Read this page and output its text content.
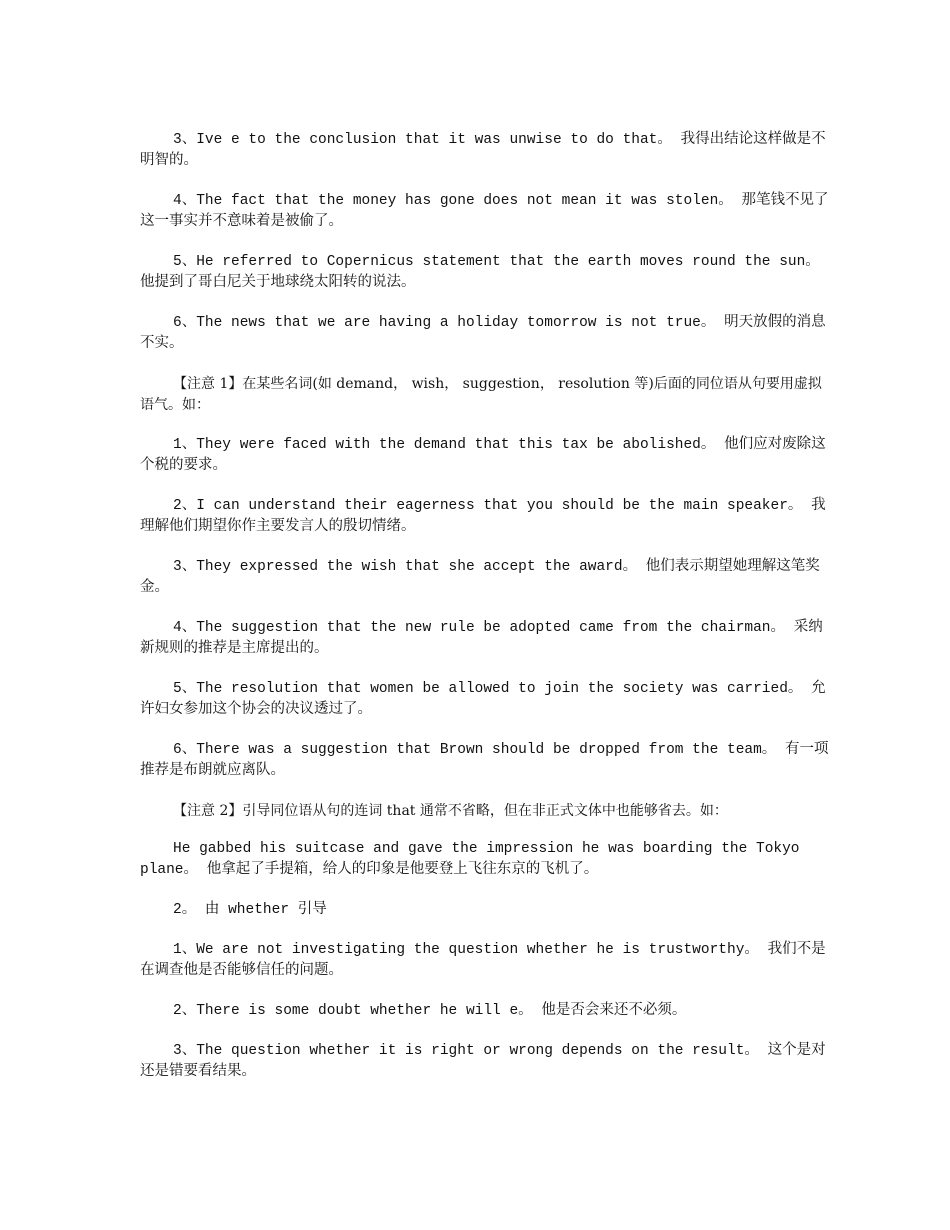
3、Ive e to the conclusion that it was unwise to do that。 我得出结论这样做是不明智的。

4、The fact that the money has gone does not mean it was stolen。 那笔钱不见了这一事实并不意味着是被偷了。

5、He referred to Copernicus statement that the earth moves round the sun。 他提到了哥白尼关于地球绕太阳转的说法。

6、The news that we are having a holiday tomorrow is not true。 明天放假的消息不实。

【注意 1】在某些名词(如 demand， wish， suggestion， resolution 等)后面的同位语从句要用虚拟语气。如：

1、They were faced with the demand that this tax be abolished。 他们应对废除这个税的要求。

2、I can understand their eagerness that you should be the main speaker。 我理解他们期望你作主要发言人的殷切情绪。

3、They expressed the wish that she accept the award。 他们表示期望她理解这笔奖金。

4、The suggestion that the new rule be adopted came from the chairman。 采纳新规则的推荐是主席提出的。

5、The resolution that women be allowed to join the society was carried。 允许妇女参加这个协会的决议透过了。

6、There was a suggestion that Brown should be dropped from the team。 有一项推荐是布朗就应离队。

【注意 2】引导同位语从句的连词 that 通常不省略，但在非正式文体中也能够省去。如：

He gabbed his suitcase and gave the impression he was boarding the Tokyo plane。 他拿起了手提箱，给人的印象是他要登上飞往东京的飞机了。

2。 由 whether 引导

1、We are not investigating the question whether he is trustworthy。 我们不是在调查他是否能够信任的问题。

2、There is some doubt whether he will e。 他是否会来还不必须。

3、The question whether it is right or wrong depends on the result。 这个是对还是错要看结果。
